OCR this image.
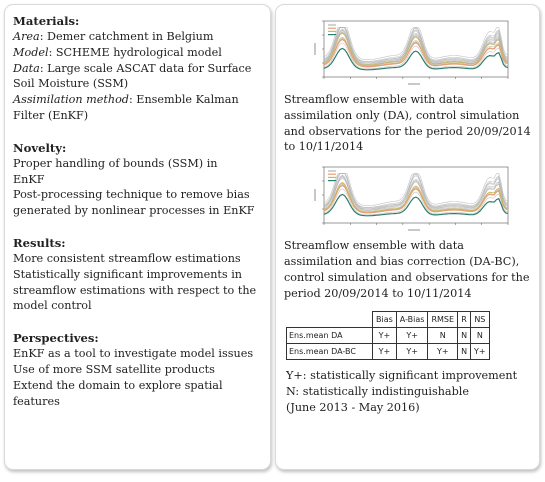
Materials:
Area: Demer catchment in Belgium
Model: SCHEME hydrological model
Data: Large scale ASCAT data for Surface
Soil Moisture (SSM)
Assimilation method: Ensemble Kalman
Filter (EnKF)
Novelty:
Proper handling of bounds (SSM) in
EnKF
Post-processing technique to remove bias
generated by nonlinear processes in EnKF
Results:
More consistent streamflow estimations
Statistically significant improvements in
streamflow estimations with respect to the
model control
Perspectives:
EnKF as a tool to investigate model issues
Use of more SSM satellite products
Extend the domain to explore spatial
features
Streamflow ensemble with data
assimilation only (DA), control simulation
and observations for the period 20/09/2014
to 10/11/2014
Streamflow ensemble with data
assimilation and bias correction (DA-BC),
control simulation and observations for the
period 20/09/2014 to 10/11/2014
	Bias	A-Bias	RMSE	R	NS
Ens.mean DA	Y+	Y+	N	N	N
Ens.mean DA-BC	Y+	Y+	Y+	N	Y+
Y+: statistically significant improvement
N: statistically indistinguishable
(June 2013 - May 2016)
